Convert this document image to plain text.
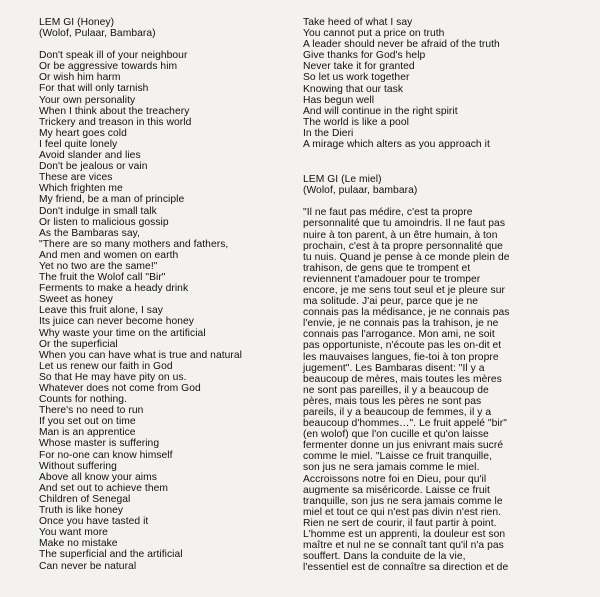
LEM GI (Honey)
(Wolof, Pulaar, Bambara)
Don't speak ill of your neighbour
Or be aggressive towards him
Or wish him harm
For that will only tarnish
Your own personality
When I think about the treachery
Trickery and treason in this world
My heart goes cold
I feel quite lonely
Avoid slander and lies
Don't be jealous or vain
These are vices
Which frighten me
My friend, be a man of principle
Don't indulge in small talk
Or listen to malicious gossip
As the Bambaras say,
"There are so many mothers and fathers,
And men and women on earth
Yet no two are the same!"
The fruit the Wolof call "Bir"
Ferments to make a heady drink
Sweet as honey
Leave this fruit alone, I say
Its juice can never become honey
Why waste your time on the artificial
Or the superficial
When you can have what is true and natural
Let us renew our faith in God
So that He may have pity on us.
Whatever does not come from God
Counts for nothing.
There's no need to run
If you set out on time
Man is an apprentice
Whose master is suffering
For no-one can know himself
Without suffering
Above all know your aims
And set out to achieve them
Children of Senegal
Truth is like honey
Once you have tasted it
You want more
Make no mistake
The superficial and the artificial
Can never be natural
Take heed of what I say
You cannot put a price on truth
A leader should never be afraid of the truth
Give thanks for God's help
Never take it for granted
So let us work together
Knowing that our task
Has begun well
And will continue in the right spirit
The world is like a pool
In the Dieri
A mirage which alters as you approach it
LEM GI (Le miel)
(Wolof, pulaar, bambara)
"Il ne faut pas médire, c'est ta propre
personnalité que tu amoindris. Il ne faut pas
nuire à ton parent, à un être humain, à ton
prochain, c'est à ta propre personnalité que
tu nuis. Quand je pense à ce monde plein de
trahison, de gens que te trompent et
reviennent t'amadouer pour te tromper
encore, je me sens tout seul et je pleure sur
ma solitude. J'ai peur, parce que je ne
connais pas la médisance, je ne connais pas
l'envie, je ne connais pas la trahison, je ne
connais pas l'arrogance. Mon ami, ne soit
pas opportuniste, n'écoute pas les on-dit et
les mauvaises langues, fie-toi à ton propre
jugement". Les Bambaras disent: "Il y a
beaucoup de mères, mais toutes les mères
ne sont pas pareilles, il y a beaucoup de
pères, mais tous les pères ne sont pas
pareils, il y a beaucoup de femmes, il y a
beaucoup d'hommes…". Le fruit appelé "bir"
(en wolof) que l'on cucille et qu'on laisse
fermenter donne un jus enivrant mais sucré
comme le miel. "Laisse ce fruit tranquille,
son jus ne sera jamais comme le miel.
Accroissons notre foi en Dieu, pour qu'il
augmente sa miséricorde. Laisse ce fruit
tranquille, son jus ne sera jamais comme le
miel et tout ce qui n'est pas divin n'est rien.
Rien ne sert de courir, il faut partir à point.
L'homme est un apprenti, la douleur est son
maître et nul ne se connaît tant qu'il n'a pas
souffert. Dans la conduite de la vie,
l'essentiel est de connaître sa direction et de
